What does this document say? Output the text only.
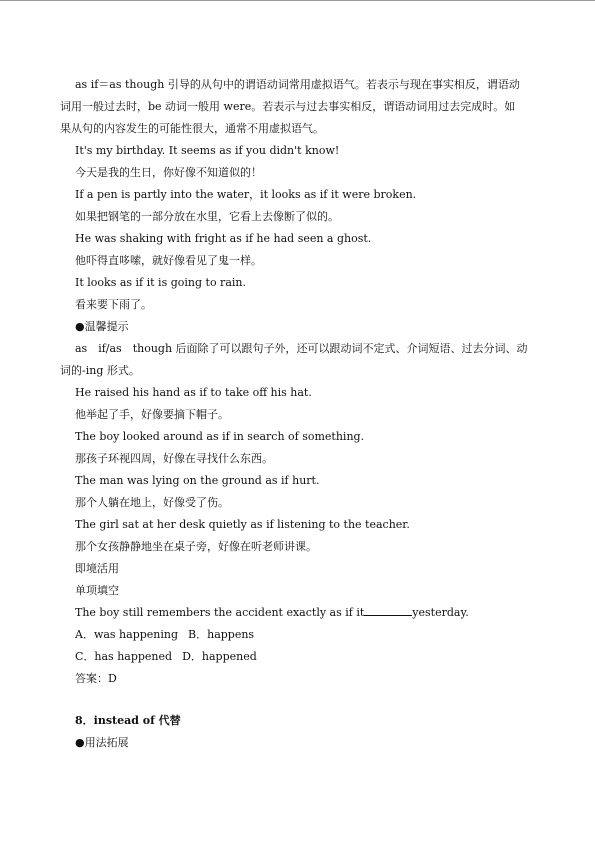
as if＝as though 引导的从句中的谓语动词常用虚拟语气。若表示与现在事实相反，谓语动
词用一般过去时，be 动词一般用 were。若表示与过去事实相反，谓语动词用过去完成时。如
果从句的内容发生的可能性很大，通常不用虚拟语气。
It's my birthday. It seems as if you didn't know!
今天是我的生日，你好像不知道似的！
If a pen is partly into the water，it looks as if it were broken.
如果把钢笔的一部分放在水里，它看上去像断了似的。
He was shaking with fright as if he had seen a ghost.
他吓得直哆嗦，就好像看见了鬼一样。
It looks as if it is going to rain.
看来要下雨了。
●温馨提示
as　if/as　though 后面除了可以跟句子外，还可以跟动词不定式、介词短语、过去分词、动
词的-ing 形式。
He raised his hand as if to take off his hat.
他举起了手，好像要摘下帽子。
The boy looked around as if in search of something.
那孩子环视四周，好像在寻找什么东西。
The man was lying on the ground as if hurt.
那个人躺在地上，好像受了伤。
The girl sat at her desk quietly as if listening to the teacher.
那个女孩静静地坐在桌子旁，好像在听老师讲课。
即境活用
单项填空
The boy still remembers the accident exactly as if it	yesterday.
A．was happening B．happens
C．has happened D．happened
答案：D
8．instead of 代替
●用法拓展
